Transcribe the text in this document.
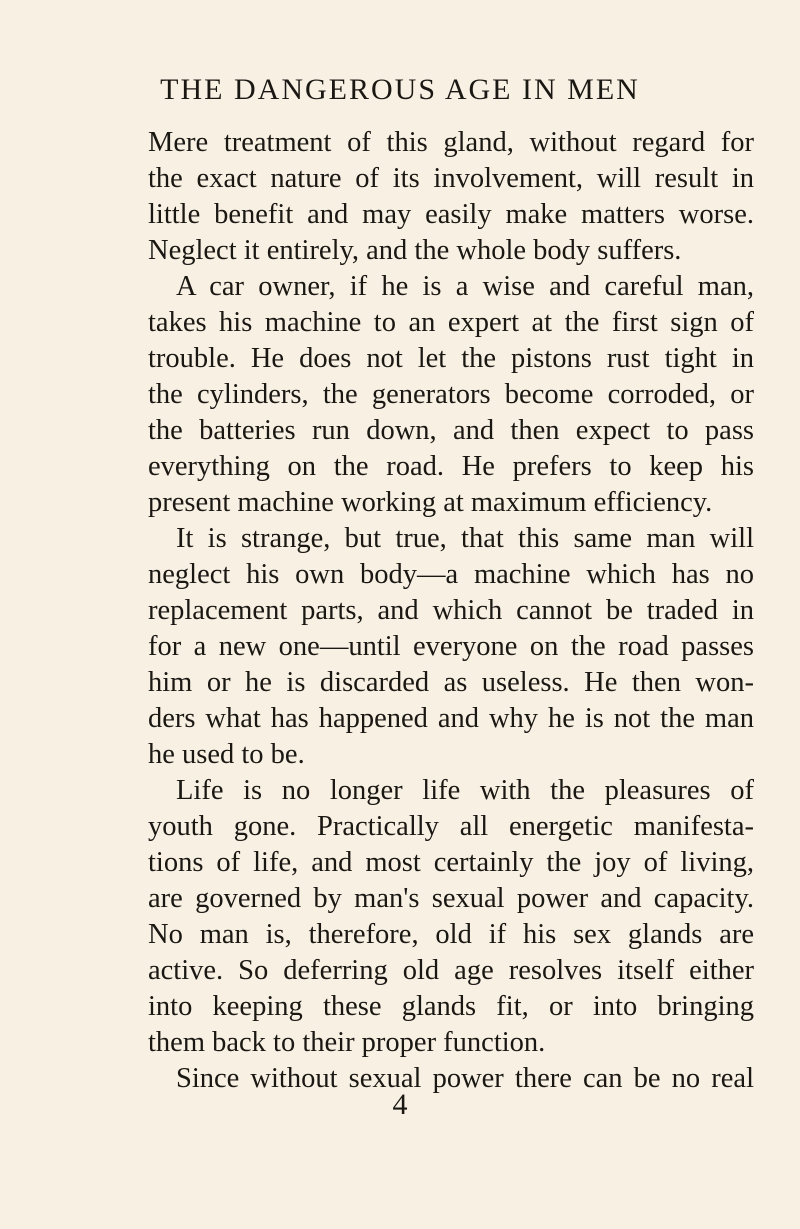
THE DANGEROUS AGE IN MEN
Mere treatment of this gland, without regard for
the exact nature of its involvement, will result in
little benefit and may easily make matters worse.
Neglect it entirely, and the whole body suffers.
A car owner, if he is a wise and careful man,
takes his machine to an expert at the first sign of
trouble. He does not let the pistons rust tight in
the cylinders, the generators become corroded, or
the batteries run down, and then expect to pass
everything on the road. He prefers to keep his
present machine working at maximum efficiency.
It is strange, but true, that this same man will
neglect his own body—a machine which has no
replacement parts, and which cannot be traded in
for a new one—until everyone on the road passes
him or he is discarded as useless. He then won-
ders what has happened and why he is not the man
he used to be.
Life is no longer life with the pleasures of
youth gone. Practically all energetic manifesta-
tions of life, and most certainly the joy of living,
are governed by man's sexual power and capacity.
No man is, therefore, old if his sex glands are
active. So deferring old age resolves itself either
into keeping these glands fit, or into bringing
them back to their proper function.
Since without sexual power there can be no real
4
